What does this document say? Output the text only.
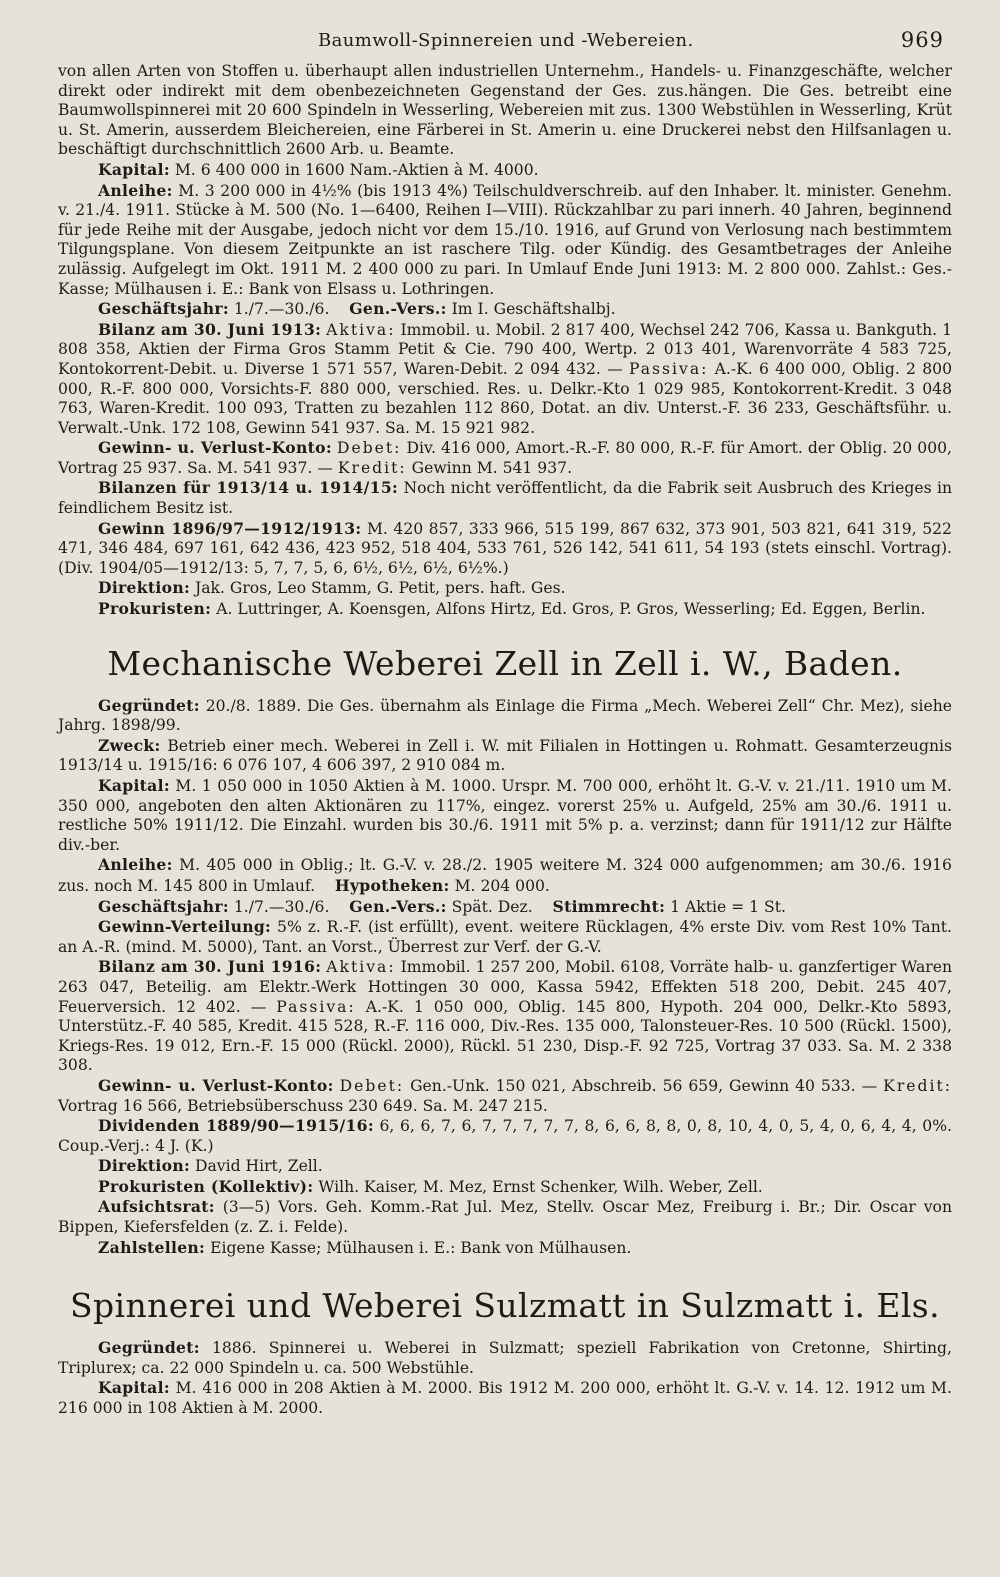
Baumwoll-Spinnereien und -Webereien.	969

von allen Arten von Stoffen u. überhaupt allen industriellen Unternehm., Handels- u. Finanzgeschäfte, welcher direkt oder indirekt mit dem obenbezeichneten Gegenstand der Ges. zus.hängen. Die Ges. betreibt eine Baumwollspinnerei mit 20 600 Spindeln in Wesserling, Webereien mit zus. 1300 Webstühlen in Wesserling, Krüt u. St. Amerin, ausserdem Bleichereien, eine Färberei in St. Amerin u. eine Druckerei nebst den Hilfsanlagen u. beschäftigt durchschnittlich 2600 Arb. u. Beamte.

Kapital: M. 6 400 000 in 1600 Nam.-Aktien à M. 4000.

Anleihe: M. 3 200 000 in 4½% (bis 1913 4%) Teilschuldverschreib. auf den Inhaber. lt. minister. Genehm. v. 21./4. 1911. Stücke à M. 500 (No. 1—6400, Reihen I—VIII). Rückzahlbar zu pari innerh. 40 Jahren, beginnend für jede Reihe mit der Ausgabe, jedoch nicht vor dem 15./10. 1916, auf Grund von Verlosung nach bestimmtem Tilgungsplane. Von diesem Zeitpunkte an ist raschere Tilg. oder Kündig. des Gesamtbetrages der Anleihe zulässig. Aufgelegt im Okt. 1911 M. 2 400 000 zu pari. In Umlauf Ende Juni 1913: M. 2 800 000. Zahlst.: Ges.-Kasse; Mülhausen i. E.: Bank von Elsass u. Lothringen.

Geschäftsjahr: 1./7.—30./6. Gen.-Vers.: Im I. Geschäftshalbj.

Bilanz am 30. Juni 1913: Aktiva: Immobil. u. Mobil. 2 817 400, Wechsel 242 706, Kassa u. Bankguth. 1 808 358, Aktien der Firma Gros Stamm Petit & Cie. 790 400, Wertp. 2 013 401, Warenvorräte 4 583 725, Kontokorrent-Debit. u. Diverse 1 571 557, Waren-Debit. 2 094 432. — Passiva: A.-K. 6 400 000, Oblig. 2 800 000, R.-F. 800 000, Vorsichts-F. 880 000, verschied. Res. u. Delkr.-Kto 1 029 985, Kontokorrent-Kredit. 3 048 763, Waren-Kredit. 100 093, Tratten zu bezahlen 112 860, Dotat. an div. Unterst.-F. 36 233, Geschäftsführ. u. Verwalt.-Unk. 172 108, Gewinn 541 937. Sa. M. 15 921 982.

Gewinn- u. Verlust-Konto: Debet: Div. 416 000, Amort.-R.-F. 80 000, R.-F. für Amort. der Oblig. 20 000, Vortrag 25 937. Sa. M. 541 937. — Kredit: Gewinn M. 541 937.

Bilanzen für 1913/14 u. 1914/15: Noch nicht veröffentlicht, da die Fabrik seit Ausbruch des Krieges in feindlichem Besitz ist.

Gewinn 1896/97—1912/1913: M. 420 857, 333 966, 515 199, 867 632, 373 901, 503 821, 641 319, 522 471, 346 484, 697 161, 642 436, 423 952, 518 404, 533 761, 526 142, 541 611, 54 193 (stets einschl. Vortrag). (Div. 1904/05—1912/13: 5, 7, 7, 5, 6, 6½, 6½, 6½, 6½%.)

Direktion: Jak. Gros, Leo Stamm, G. Petit, pers. haft. Ges.

Prokuristen: A. Luttringer, A. Koensgen, Alfons Hirtz, Ed. Gros, P. Gros, Wesserling; Ed. Eggen, Berlin.

Mechanische Weberei Zell in Zell i. W., Baden.

Gegründet: 20./8. 1889. Die Ges. übernahm als Einlage die Firma „Mech. Weberei Zell“ Chr. Mez), siehe Jahrg. 1898/99.

Zweck: Betrieb einer mech. Weberei in Zell i. W. mit Filialen in Hottingen u. Rohmatt. Gesamterzeugnis 1913/14 u. 1915/16: 6 076 107, 4 606 397, 2 910 084 m.

Kapital: M. 1 050 000 in 1050 Aktien à M. 1000. Urspr. M. 700 000, erhöht lt. G.-V. v. 21./11. 1910 um M. 350 000, angeboten den alten Aktionären zu 117%, eingez. vorerst 25% u. Aufgeld, 25% am 30./6. 1911 u. restliche 50% 1911/12. Die Einzahl. wurden bis 30./6. 1911 mit 5% p. a. verzinst; dann für 1911/12 zur Hälfte div.-ber.

Anleihe: M. 405 000 in Oblig.; lt. G.-V. v. 28./2. 1905 weitere M. 324 000 aufgenommen; am 30./6. 1916 zus. noch M. 145 800 in Umlauf. Hypotheken: M. 204 000.

Geschäftsjahr: 1./7.—30./6. Gen.-Vers.: Spät. Dez. Stimmrecht: 1 Aktie = 1 St.

Gewinn-Verteilung: 5% z. R.-F. (ist erfüllt), event. weitere Rücklagen, 4% erste Div. vom Rest 10% Tant. an A.-R. (mind. M. 5000), Tant. an Vorst., Überrest zur Verf. der G.-V.

Bilanz am 30. Juni 1916: Aktiva: Immobil. 1 257 200, Mobil. 6108, Vorräte halb- u. ganzfertiger Waren 263 047, Beteilig. am Elektr.-Werk Hottingen 30 000, Kassa 5942, Effekten 518 200, Debit. 245 407, Feuerversich. 12 402. — Passiva: A.-K. 1 050 000, Oblig. 145 800, Hypoth. 204 000, Delkr.-Kto 5893, Unterstütz.-F. 40 585, Kredit. 415 528, R.-F. 116 000, Div.-Res. 135 000, Talonsteuer-Res. 10 500 (Rückl. 1500), Kriegs-Res. 19 012, Ern.-F. 15 000 (Rückl. 2000), Rückl. 51 230, Disp.-F. 92 725, Vortrag 37 033. Sa. M. 2 338 308.

Gewinn- u. Verlust-Konto: Debet: Gen.-Unk. 150 021, Abschreib. 56 659, Gewinn 40 533. — Kredit: Vortrag 16 566, Betriebsüberschuss 230 649. Sa. M. 247 215.

Dividenden 1889/90—1915/16: 6, 6, 6, 7, 6, 7, 7, 7, 7, 7, 8, 6, 6, 8, 8, 0, 8, 10, 4, 0, 5, 4, 0, 6, 4, 4, 0%. Coup.-Verj.: 4 J. (K.)

Direktion: David Hirt, Zell.

Prokuristen (Kollektiv): Wilh. Kaiser, M. Mez, Ernst Schenker, Wilh. Weber, Zell.

Aufsichtsrat: (3—5) Vors. Geh. Komm.-Rat Jul. Mez, Stellv. Oscar Mez, Freiburg i. Br.; Dir. Oscar von Bippen, Kiefersfelden (z. Z. i. Felde).

Zahlstellen: Eigene Kasse; Mülhausen i. E.: Bank von Mülhausen.

Spinnerei und Weberei Sulzmatt in Sulzmatt i. Els.

Gegründet: 1886. Spinnerei u. Weberei in Sulzmatt; speziell Fabrikation von Cretonne, Shirting, Triplurex; ca. 22 000 Spindeln u. ca. 500 Webstühle.

Kapital: M. 416 000 in 208 Aktien à M. 2000. Bis 1912 M. 200 000, erhöht lt. G.-V. v. 14. 12. 1912 um M. 216 000 in 108 Aktien à M. 2000.
